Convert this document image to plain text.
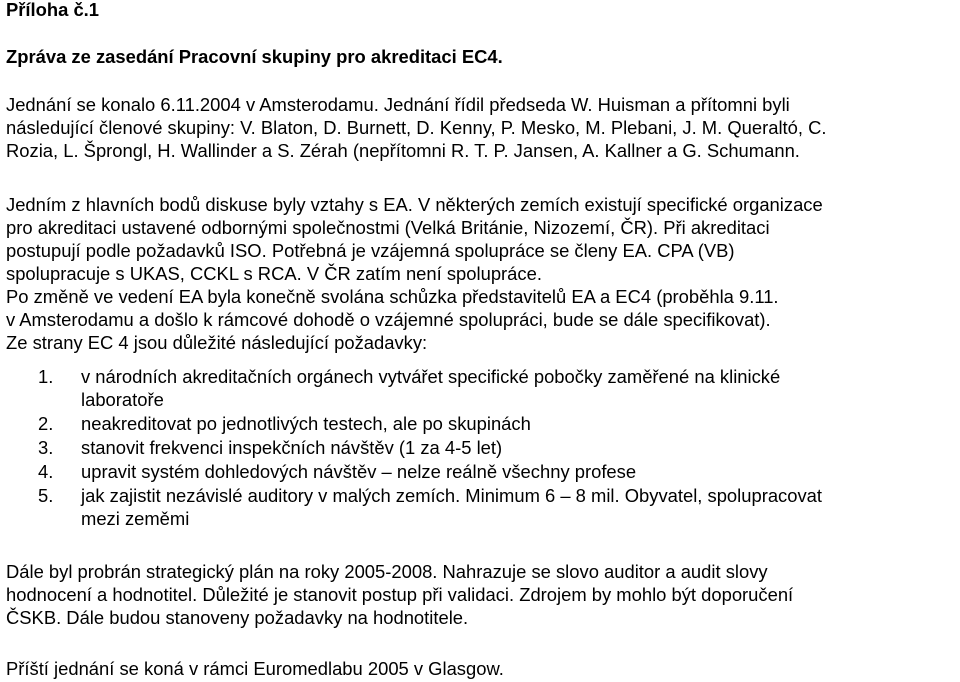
Příloha č.1
Zpráva ze zasedání Pracovní skupiny pro akreditaci EC4.
Jednání se konalo 6.11.2004 v Amsterodamu. Jednání řídil předseda W. Huisman a přítomni byli
následující členové skupiny: V. Blaton, D. Burnett, D. Kenny, P. Mesko, M. Plebani, J. M. Queraltó, C.
Rozia, L. Šprongl, H. Wallinder a S. Zérah (nepřítomni R. T. P. Jansen, A. Kallner a G. Schumann.
Jedním z hlavních bodů diskuse byly vztahy s EA. V některých zemích existují specifické organizace
pro akreditaci ustavené odbornými společnostmi (Velká Británie, Nizozemí, ČR). Při akreditaci
postupují podle požadavků ISO. Potřebná je vzájemná spolupráce se členy EA. CPA (VB)
spolupracuje s UKAS, CCKL s RCA. V ČR zatím není spolupráce.
Po změně ve vedení EA byla konečně svolána schůzka představitelů EA a EC4 (proběhla 9.11.
v Amsterodamu a došlo k rámcové dohodě o vzájemné spolupráci, bude se dále specifikovat).
Ze strany EC 4 jsou důležité následující požadavky:
1. v národních akreditačních orgánech vytvářet specifické pobočky zaměřené na klinické
laboratoře
2. neakreditovat po jednotlivých testech, ale po skupinách
3. stanovit frekvenci inspekčních návštěv (1 za 4-5 let)
4. upravit systém dohledových návštěv – nelze reálně všechny profese
5. jak zajistit nezávislé auditory v malých zemích. Minimum 6 – 8 mil. Obyvatel, spolupracovat
mezi zeměmi
Dále byl probrán strategický plán na roky 2005-2008. Nahrazuje se slovo auditor a audit slovy
hodnocení a hodnotitel. Důležité je stanovit postup při validaci. Zdrojem by mohlo být doporučení
ČSKB. Dále budou stanoveny požadavky na hodnotitele.
Příští jednání se koná v rámci Euromedlabu 2005 v Glasgow.
